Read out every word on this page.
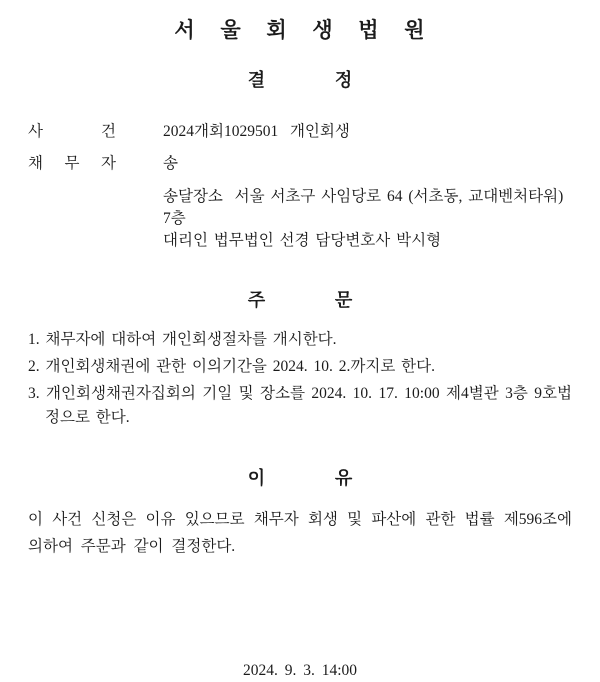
서 울 회 생 법 원
결 정
사 건	2024개회1029501  개인회생
채 무 자	송
송달장소  서울 서초구 사임당로 64 (서초동, 교대벤처타워) 7층
대리인 법무법인 선경 담당변호사 박시형
주 문
1. 채무자에 대하여 개인회생절차를 개시한다.
2. 개인회생채권에 관한 이의기간을 2024. 10. 2.까지로 한다.
3. 개인회생채권자집회의 기일 및 장소를 2024. 10. 17. 10:00 제4별관 3층 9호법정으로 한다.
이 유
이 사건 신청은 이유 있으므로 채무자 회생 및 파산에 관한 법률 제596조에 의하여 주문과 같이 결정한다.
2024. 9. 3. 14:00
